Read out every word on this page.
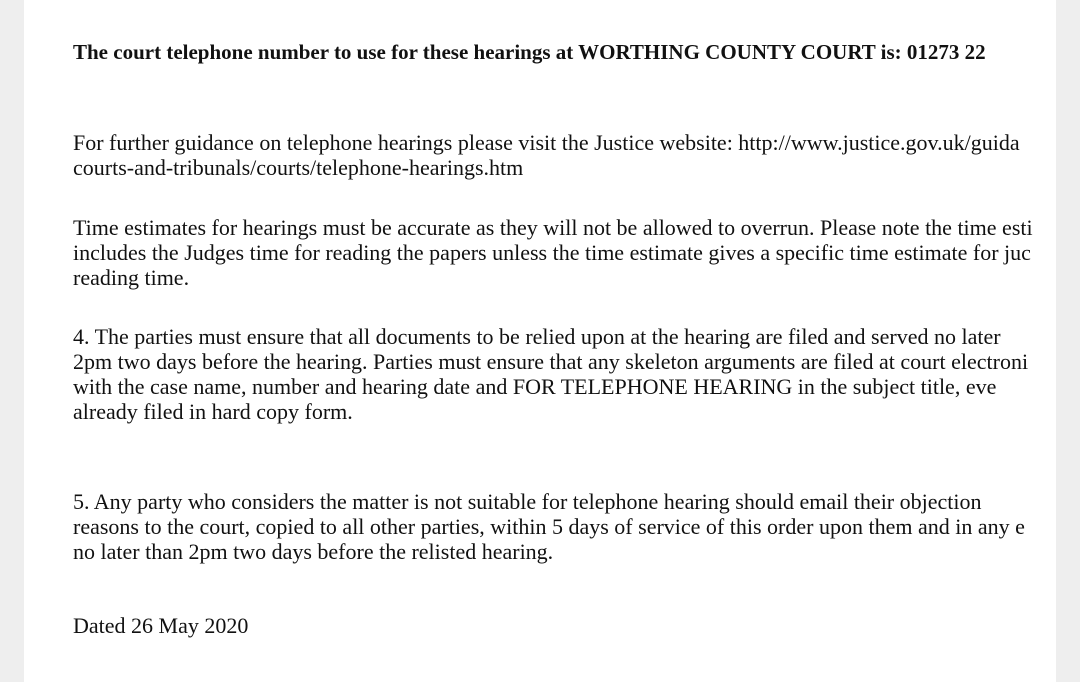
The court telephone number to use for these hearings at WORTHING COUNTY COURT is: 01273 22

For further guidance on telephone hearings please visit the Justice website: http://www.justice.gov.uk/guida

courts-and-tribunals/courts/telephone-hearings.htm

Time estimates for hearings must be accurate as they will not be allowed to overrun. Please note the time esti

includes the Judges time for reading the papers unless the time estimate gives a specific time estimate for juc

reading time.

4. The parties must ensure that all documents to be relied upon at the hearing are filed and served no later

2pm two days before the hearing. Parties must ensure that any skeleton arguments are filed at court electroni

with the case name, number and hearing date and FOR TELEPHONE HEARING in the subject title, eve

already filed in hard copy form.

5. Any party who considers the matter is not suitable for telephone hearing should email their objection

reasons to the court, copied to all other parties, within 5 days of service of this order upon them and in any e

no later than 2pm two days before the relisted hearing.

Dated 26 May 2020
